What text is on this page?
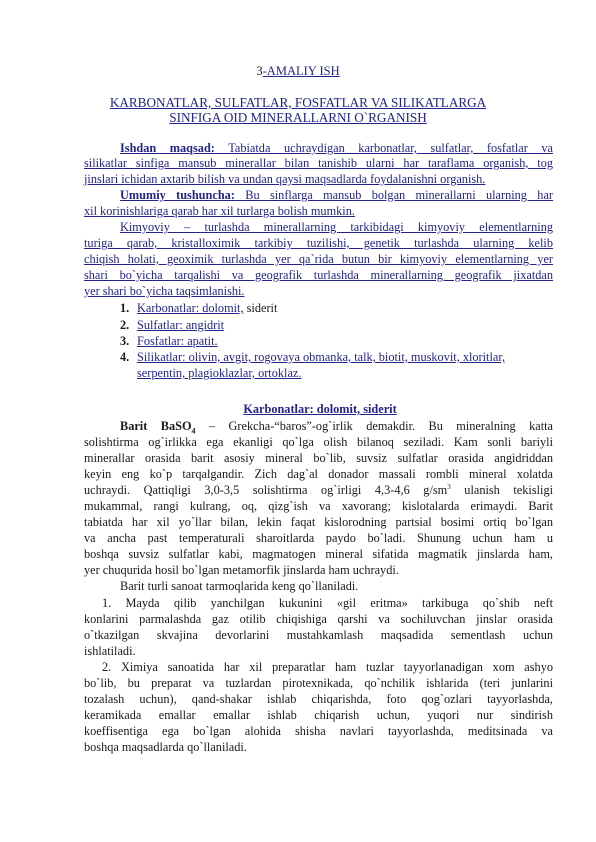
3-AMALIY ISH
KARBONATLAR, SULFATLAR, FOSFATLAR VA SILIKATLARGA
SINFIGA OID MINERALLARNI O`RGANISH
Ishdan maqsad: Tabiatda uchraydigan karbonatlar, sulfatlar, fosfatlar va
silikatlar sinfiga mansub minerallar bilan tanishib ularni har taraflama organish, tog
jinslari ichidan axtarib bilish va undan qaysi maqsadlarda foydalanishni organish.
Umumiy tushuncha: Bu sinflarga mansub bolgan minerallarni ularning har
xil korinishlariga qarab har xil turlarga bolish mumkin.
Kimyoviy – turlashda minerallarning tarkibidagi kimyoviy elementlarning
turiga qarab, kristalloximik tarkibiy tuzilishi, genetik turlashda ularning kelib
chiqish holati, geoximik turlashda yer qa`rida butun bir kimyoviy elementlarning yer
shari bo`yicha tarqalishi va geografik turlashda minerallarning geografik jixatdan
yer shari bo`yicha taqsimlanishi.
1. Karbonatlar: dolomit, siderit
2. Sulfatlar: angidrit
3. Fosfatlar: apatit.
4. Silikatlar: olivin, avgit, rogovaya obmanka, talk, biotit, muskovit, xloritlar,
serpentin, plagioklazlar, ortoklaz.
Karbonatlar: dolomit, siderit
Barit BaSO$_4$ – Grekcha-“baros”-og`irlik demakdir. Bu mineralning katta
solishtirma og`irlikka ega ekanligi qo`lga olish bilanoq seziladi. Kam sonli bariyli
minerallar orasida barit asosiy mineral bo`lib, suvsiz sulfatlar orasida angidriddan
keyin eng ko`p tarqalgandir. Zich dag`al donador massali rombli mineral xolatda
uchraydi. Qattiqligi 3,0-3,5 solishtirma og`irligi 4,3-4,6 $g/sm^3$ ulanish tekisligi
mukammal, rangi kulrang, oq, qizg`ish va xavorang; kislotalarda erimaydi. Barit
tabiatda har xil yo`llar bilan, lekin faqat kislorodning partsial bosimi ortiq bo`lgan
va ancha past temperaturali sharoitlarda paydo bo`ladi. Shunung uchun ham u
boshqa suvsiz sulfatlar kabi, magmatogen mineral sifatida magmatik jinslarda ham,
yer chuqurida hosil bo`lgan metamorfik jinslarda ham uchraydi.
Barit turli sanoat tarmoqlarida keng qo`llaniladi.
1. Mayda qilib yanchilgan kukunini «gil eritma» tarkibuga qo`shib neft
konlarini parmalashda gaz otilib chiqishiga qarshi va sochiluvchan jinslar orasida
o`tkazilgan skvajina devorlarini mustahkamlash maqsadida sementlash uchun
ishlatiladi.
2. Ximiya sanoatida har xil preparatlar ham tuzlar tayyorlanadigan xom ashyo
bo`lib, bu preparat va tuzlardan pirotexnikada, qo`nchilik ishlarida (teri junlarini
tozalash uchun), qand-shakar ishlab chiqarishda, foto qog`ozlari tayyorlashda,
keramikada emallar emallar ishlab chiqarish uchun, yuqori nur sindirish
koeffisentiga ega bo`lgan alohida shisha navlari tayyorlashda, meditsinada va
boshqa maqsadlarda qo`llaniladi.
